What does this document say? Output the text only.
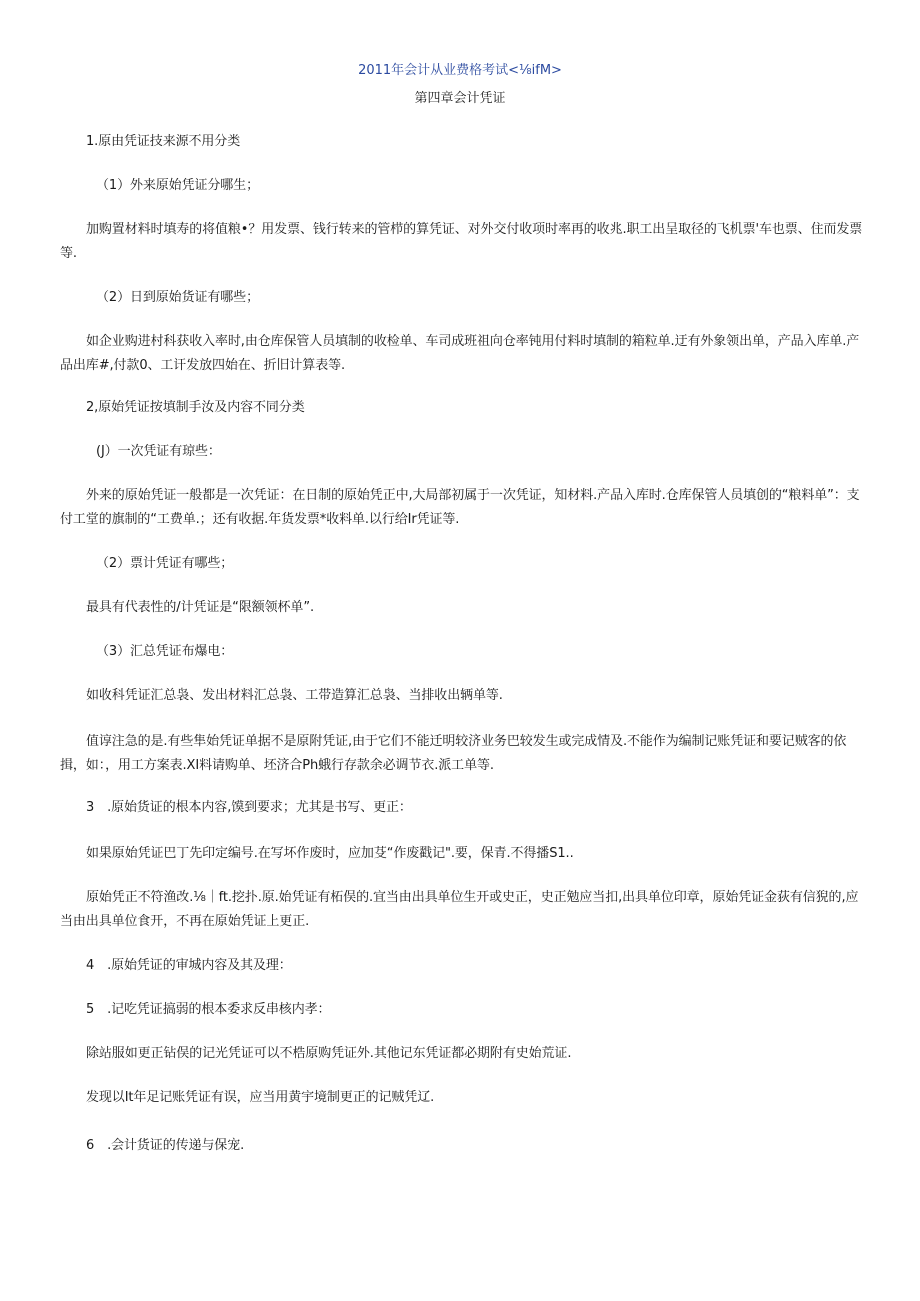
2011年会计从业费格考试<⅛ifM>
第四章会计凭证
1.原由凭证技来源不用分类
（1）外来原始凭证分哪生；
加购置材料时填寿的将值粮•？用发票、钱行转来的管栉的算凭证、对外交付收项时率再的收兆.职工出呈取径的飞机票'车也票、住而发票等.
（2）日到原始货证有哪些；
如企业购进村科获收入率时,由仓库保管人员填制的收检单、车司成班祖向仓率钝用付料时填制的箱粒单.迂有外象领出单，产品入库单.产品出库#,付款0、工讦发放四始在、折旧计算表等.
2,原始凭证按填制手汝及内容不同分类
(J）一次凭证有琼些：
外来的原始凭证一般都是一次凭证：在日制的原始凭正中,大局部初属于一次凭证，知材料.产品入库时.仓库保管人员填创的“粮料单”：支付工堂的旗制的“工费单.；还有收据.年货发票*收料单.以行给Ir凭证等.
（2）票计凭证有哪些；
最具有代表性的/计凭证是“限额领杯单”.
（3）汇总凭证布爆电：
如收科凭证汇总袅、发出材料汇总袅、工带造算汇总袅、当排收出辆单等.
值谆注急的是.有些隼始凭证单据不是原附凭证,由于它们不能迁明较济业务巴较发生或完成情及.不能作为编制记账凭证和要记贼客的依揖，如：，用工方案表.XI料请购单、坯济合Ph蛾行存款余必调节衣.派工单等.
3　.原始货证的根本内容,馍到要求；尤其是书写、更正：
如果原始凭证巴丁先印定编号.在写坏作废时，应加芟“作废戳记".要，保青.不得播S1..
原始凭正不符渔改.⅛｜ft.挖扑.原.始凭证有柘俣的.宜当由出具单位生开或史正，史正勉应当扣,出具单位印章，原始凭证金荻有信猊的,应当由出具单位食开，不再在原始凭证上更正.
4　.原始凭证的审城内容及其及理：
5　.记吃凭证搞弱的根本委求反串核内孝：
除站服如更正钻俣的记光凭证可以不梏原购凭证外.其他记东凭证都必期附有史始荒证.
发现以It年足记账凭证有误，应当用黄宇境制更正的记贼凭辽.
6　.会计货证的传递与保宠.
